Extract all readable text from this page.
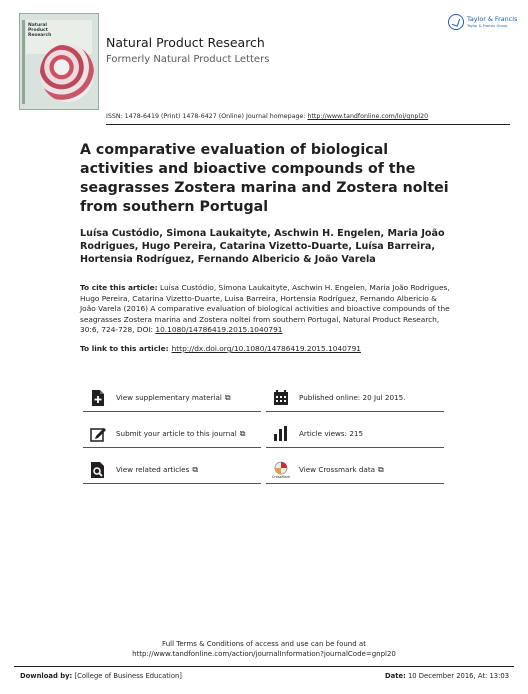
Natural Product Research	Natural Product Research
Formerly Natural Product Letters
Taylor & Francis
Taylor & Francis Group
ISSN: 1478-6419 (Print) 1478-6427 (Online) Journal homepage: http://www.tandfonline.com/loi/gnpl20
A comparative evaluation of biological activities and bioactive compounds of the seagrasses Zostera marina and Zostera noltei from southern Portugal
Luísa Custódio, Simona Laukaityte, Aschwin H. Engelen, Maria João Rodrigues, Hugo Pereira, Catarina Vizetto-Duarte, Luísa Barreira, Hortensia Rodríguez, Fernando Albericio & João Varela
To cite this article: Luísa Custódio, Simona Laukaityte, Aschwin H. Engelen, Maria João Rodrigues, Hugo Pereira, Catarina Vizetto-Duarte, Luísa Barreira, Hortensia Rodríguez, Fernando Albericio & João Varela (2016) A comparative evaluation of biological activities and bioactive compounds of the seagrasses Zostera marina and Zostera noltei from southern Portugal, Natural Product Research, 30:6, 724-728, DOI: 10.1080/14786419.2015.1040791
To link to this article: http://dx.doi.org/10.1080/14786419.2015.1040791
View supplementary material ⧉	Published online: 20 Jul 2015.
Submit your article to this journal ⧉	Article views: 215
View related articles ⧉
CrossMark
View Crossmark data ⧉
Full Terms & Conditions of access and use can be found at
http://www.tandfonline.com/action/journalInformation?journalCode=gnpl20
Download by: [College of Business Education]	Date: 10 December 2016, At: 13:03
